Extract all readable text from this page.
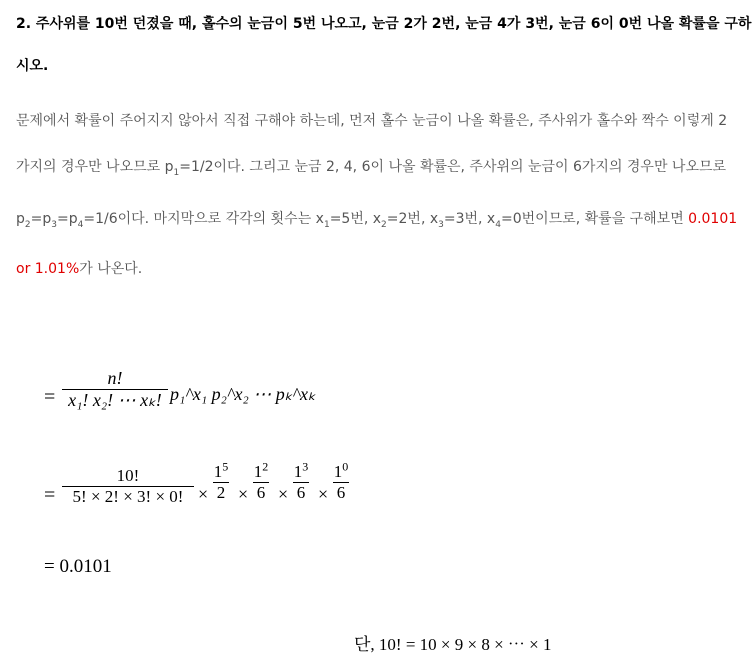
2. 주사위를 10번 던졌을 때, 홀수의 눈금이 5번 나오고, 눈금 2가 2번, 눈금 4가 3번, 눈금 6이 0번 나올 확률을 구하
시오.
문제에서 확률이 주어지지 않아서 직접 구해야 하는데, 먼저 홀수 눈금이 나올 확률은, 주사위가 홀수와 짝수 이렇게 2
가지의 경우만 나오므로 $p_1=1/2$이다. 그리고 눈금 2, 4, 6이 나올 확률은, 주사위의 눈금이 6가지의 경우만 나오므로
$p_2=p_3=p_4=1/6$이다. 마지막으로 각각의 횟수는 $x_1=5$번, $x_2=2$번, $x_3=3$번, $x_4=0$번이므로, 확률을 구해보면 0.0101
or 1.01%가 나온다.
=
n!
x₁! x₂! ⋯ xₖ! p₁^x₁ p₂^x₂ ⋯ pₖ^xₖ
=
10!
5! × 2! × 3! × 0! ×
$1^5$
2 ×
$1^2$
6 ×
$1^3$
6 ×
$1^0$
6
= 0.0101
단, 10! = 10 × 9 × 8 × ⋯ × 1
